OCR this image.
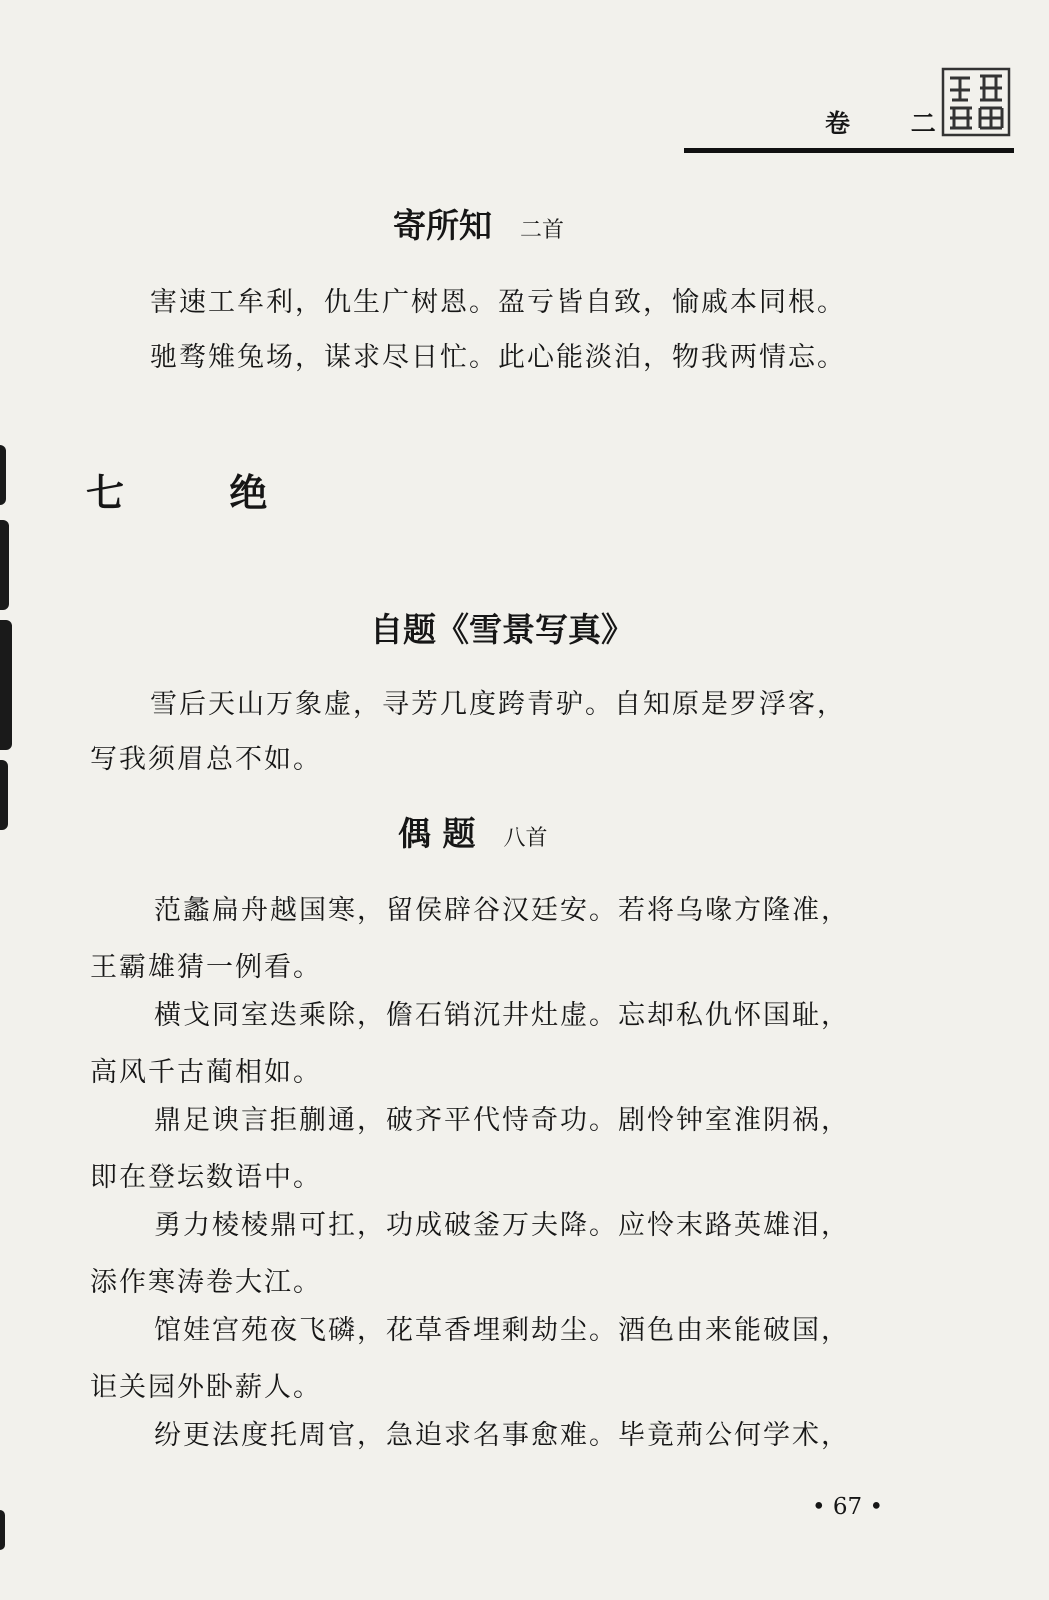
卷 二
寄所知 二首
害速工牟利，仇生广树恩。盈亏皆自致，愉戚本同根。
驰骛雉兔场，谋求尽日忙。此心能淡泊，物我两情忘。
七 绝
自题《雪景写真》
雪后天山万象虚，寻芳几度跨青驴。自知原是罗浮客，
写我须眉总不如。
偶 题 八首
范蠡扁舟越国寒，留侯辟谷汉廷安。若将乌喙方隆准，
王霸雄猜一例看。
横戈同室迭乘除，儋石销沉井灶虚。忘却私仇怀国耻，
高风千古蔺相如。
鼎足谀言拒蒯通，破齐平代恃奇功。剧怜钟室淮阴祸，
即在登坛数语中。
勇力棱棱鼎可扛，功成破釜万夫降。应怜末路英雄泪，
添作寒涛卷大江。
馆娃宫苑夜飞磷，花草香埋剩劫尘。酒色由来能破国，
讵关园外卧薪人。
纷更法度托周官，急迫求名事愈难。毕竟荊公何学术，
• 67 •
